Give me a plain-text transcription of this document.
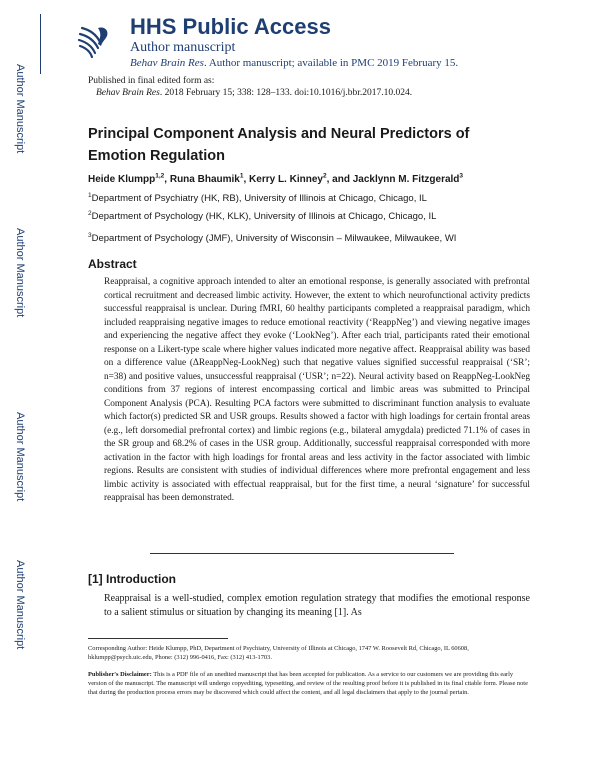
Author Manuscript
Author Manuscript
Author Manuscript
Author Manuscript
HHS Public Access
Author manuscript
Behav Brain Res. Author manuscript; available in PMC 2019 February 15.
Published in final edited form as:
Behav Brain Res. 2018 February 15; 338: 128–133. doi:10.1016/j.bbr.2017.10.024.
Principal Component Analysis and Neural Predictors of Emotion Regulation
Heide Klumpp$^{1,2}$, Runa Bhaumik$^1$, Kerry L. Kinney$^2$, and Jacklynn M. Fitzgerald$^3$
$^1$Department of Psychiatry (HK, RB), University of Illinois at Chicago, Chicago, IL
$^2$Department of Psychology (HK, KLK), University of Illinois at Chicago, Chicago, IL
$^3$Department of Psychology (JMF), University of Wisconsin – Milwaukee, Milwaukee, WI
Abstract
Reappraisal, a cognitive approach intended to alter an emotional response, is generally associated with prefrontal cortical recruitment and decreased limbic activity. However, the extent to which neurofunctional activity predicts successful reappraisal is unclear. During fMRI, 60 healthy participants completed a reappraisal paradigm, which included reappraising negative images to reduce emotional reactivity (‘ReappNeg’) and viewing negative images and experiencing the negative affect they evoke (‘LookNeg’). After each trial, participants rated their emotional response on a Likert-type scale where higher values indicated more negative affect. Reappraisal ability was based on a difference value (ΔReappNeg-LookNeg) such that negative values signified successful reappraisal (‘SR’; n=38) and positive values, unsuccessful reappraisal (‘USR’; n=22). Neural activity based on ReappNeg-LookNeg conditions from 37 regions of interest encompassing cortical and limbic areas was submitted to Principal Component Analysis (PCA). Resulting PCA factors were submitted to discriminant function analysis to evaluate which factor(s) predicted SR and USR groups. Results showed a factor with high loadings for certain frontal areas (e.g., left dorsomedial prefrontal cortex) and limbic regions (e.g., bilateral amygdala) predicted 71.1% of cases in the SR group and 68.2% of cases in the USR group. Additionally, successful reappraisal corresponded with more activation in the factor with high loadings for frontal areas and less activity in the factor associated with limbic regions. Results are consistent with studies of individual differences where more prefrontal engagement and less limbic activity is associated with effectual reappraisal, but for the first time, a neural ‘signature’ for successful reappraisal has been demonstrated.
[1] Introduction
Reappraisal is a well-studied, complex emotion regulation strategy that modifies the emotional response to a salient stimulus or situation by changing its meaning [1]. As
Corresponding Author: Heide Klumpp, PhD, Department of Psychiatry, University of Illinois at Chicago, 1747 W. Roosevelt Rd, Chicago, IL 60608, hklumpp@psych.uic.edu, Phone: (312) 996-0416, Fax: (312) 413-1703.
Publisher's Disclaimer: This is a PDF file of an unedited manuscript that has been accepted for publication. As a service to our customers we are providing this early version of the manuscript. The manuscript will undergo copyediting, typesetting, and review of the resulting proof before it is published in its final citable form. Please note that during the production process errors may be discovered which could affect the content, and all legal disclaimers that apply to the journal pertain.
